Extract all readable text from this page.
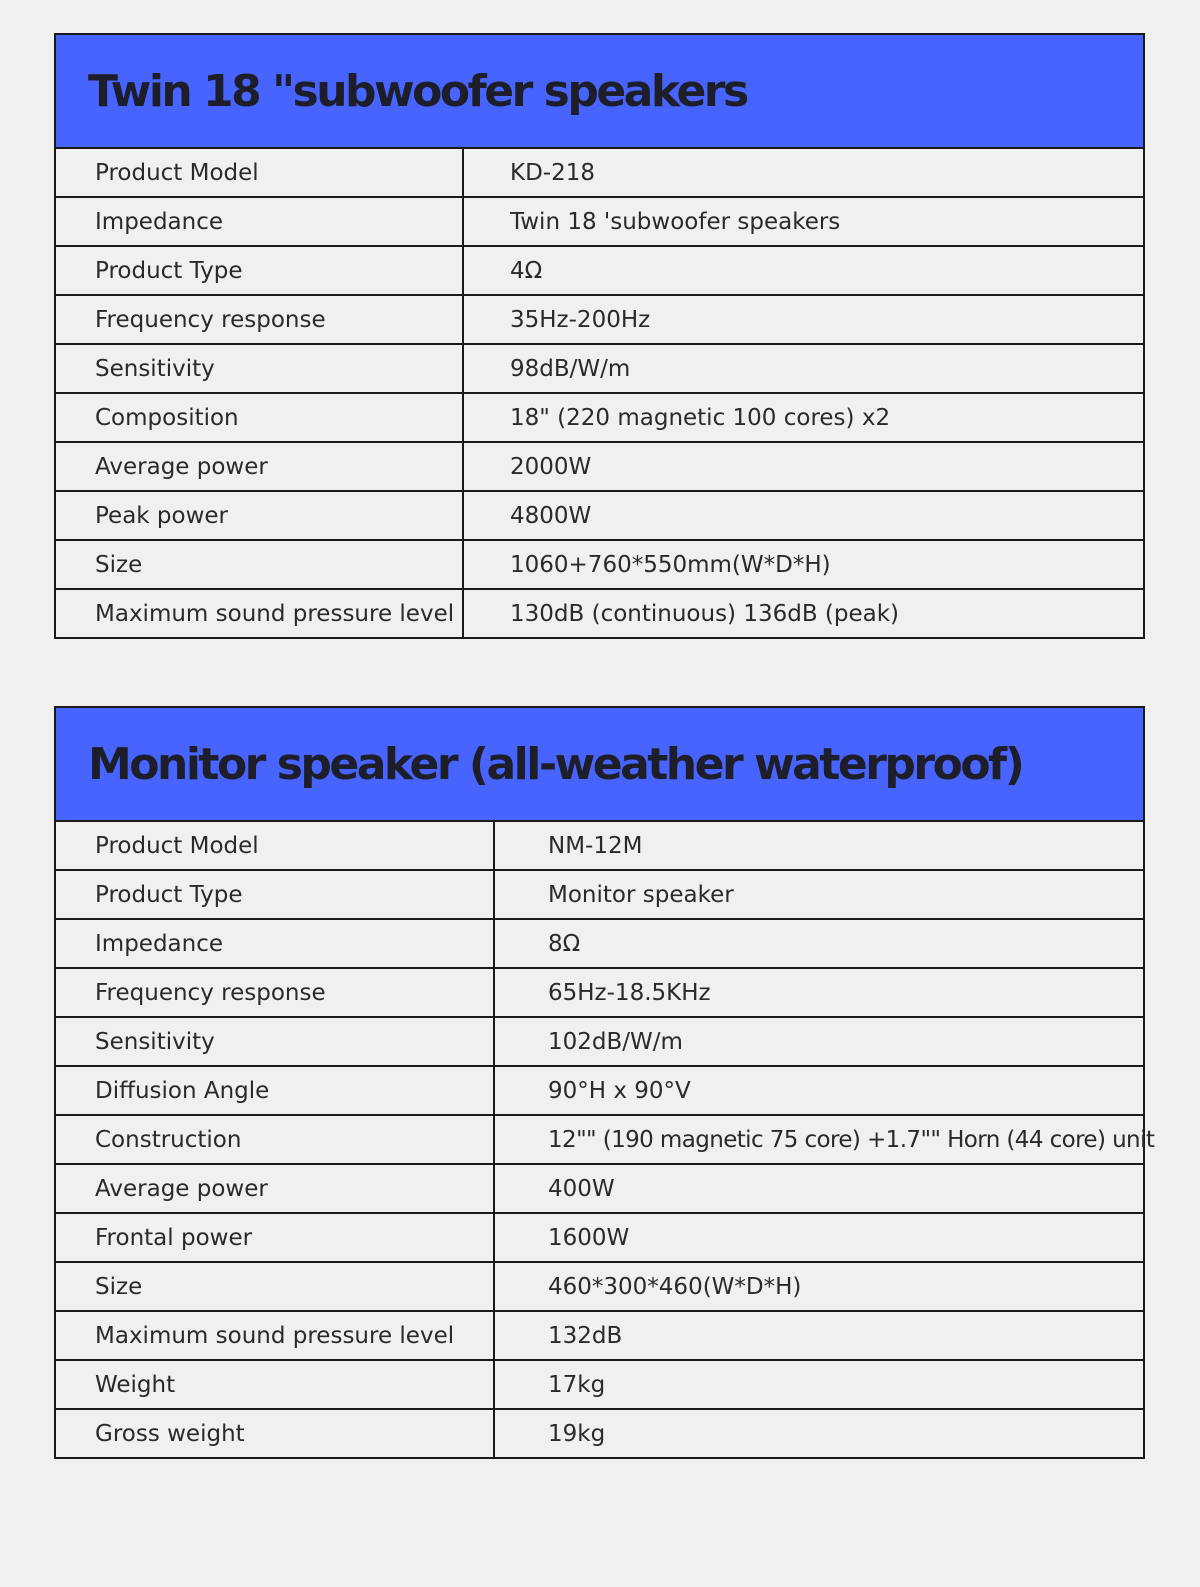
Twin 18 "subwoofer speakers
Product Model	KD-218
Impedance	Twin 18 'subwoofer speakers
Product Type	4Ω
Frequency response	35Hz-200Hz
Sensitivity	98dB/W/m
Composition	18" (220 magnetic 100 cores) x2
Average power	2000W
Peak power	4800W
Size	1060+760*550mm(W*D*H)
Maximum sound pressure level	130dB (continuous) 136dB (peak)
Monitor speaker (all-weather waterproof)
Product Model	NM-12M
Product Type	Monitor speaker
Impedance	8Ω
Frequency response	65Hz-18.5KHz
Sensitivity	102dB/W/m
Diffusion Angle	90°H x 90°V
Construction	12"" (190 magnetic 75 core) +1.7"" Horn (44 core) unit
Average power	400W
Frontal power	1600W
Size	460*300*460(W*D*H)
Maximum sound pressure level	132dB
Weight	17kg
Gross weight	19kg
